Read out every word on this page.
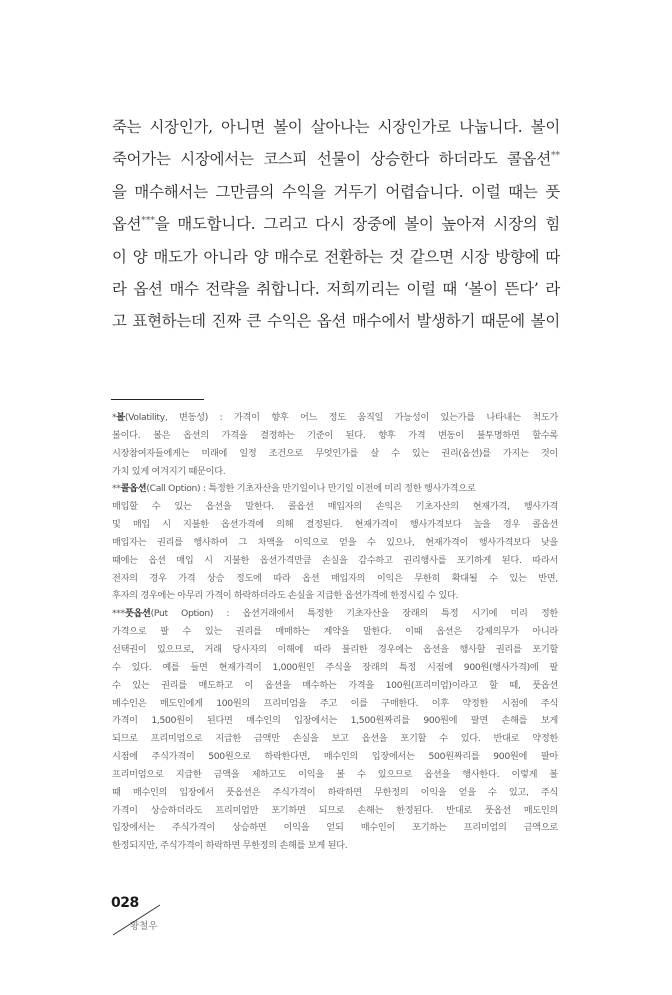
죽는 시장인가, 아니면 볼이 살아나는 시장인가로 나눕니다. 볼이
죽어가는 시장에서는 코스피 선물이 상승한다 하더라도 콜옵션**
을 매수해서는 그만큼의 수익을 거두기 어렵습니다. 이럴 때는 풋
옵션***을 매도합니다. 그리고 다시 장중에 볼이 높아져 시장의 힘
이 양 매도가 아니라 양 매수로 전환하는 것 같으면 시장 방향에 따
라 옵션 매수 전략을 취합니다. 저희끼리는 이럴 때 ‘볼이 뜬다’ 라
고 표현하는데 진짜 큰 수익은 옵션 매수에서 발생하기 때문에 볼이
*볼(Volatility, 변동성) : 가격이 향후 어느 정도 움직일 가능성이 있는가를 나타내는 척도가
볼이다. 볼은 옵션의 가격을 결정하는 기준이 된다. 향후 가격 변동이 불투명하면 할수록
시장참여자들에게는 미래에 일정 조건으로 무엇인가를 살 수 있는 권리(옵션)를 가지는 것이
가치 있게 여겨지기 때문이다.
**콜옵션(Call Option) : 특정한 기초자산을 만기일이나 만기일 이전에 미리 정한 행사가격으로
매입할 수 있는 옵션을 말한다. 콜옵션 매입자의 손익은 기초자산의 현재가격, 행사가격
및 매입 시 지불한 옵션가격에 의해 결정된다. 현재가격이 행사가격보다 높을 경우 콜옵션
매입자는 권리를 행사하여 그 차액을 이익으로 얻을 수 있으나, 현재가격이 행사가격보다 낮을
때에는 옵션 매입 시 지불한 옵션가격만큼 손실을 감수하고 권리행사를 포기하게 된다. 따라서
전자의 경우 가격 상승 정도에 따라 옵션 매입자의 이익은 무한히 확대될 수 있는 반면,
후자의 경우에는 아무리 가격이 하락하더라도 손실을 지급한 옵션가격에 한정시킬 수 있다.
***풋옵션(Put Option) : 옵션거래에서 특정한 기초자산을 장래의 특정 시기에 미리 정한
가격으로 팔 수 있는 권리를 매매하는 계약을 말한다. 이때 옵션은 강제의무가 아니라
선택권이 있으므로, 거래 당사자의 이해에 따라 불리한 경우에는 옵션을 행사할 권리를 포기할
수 있다. 예를 들면 현재가격이 1,000원인 주식을 장래의 특정 시점에 900원(행사가격)에 팔
수 있는 권리를 매도하고 이 옵션을 매수하는 가격을 100원(프리미엄)이라고 할 때, 풋옵션
매수인은 매도인에게 100원의 프리미엄을 주고 이를 구매한다. 이후 약정한 시점에 주식
가격이 1,500원이 된다면 매수인의 입장에서는 1,500원짜리를 900원에 팔면 손해를 보게
되므로 프리미엄으로 지급한 금액만 손실을 보고 옵션을 포기할 수 있다. 반대로 약정한
시점에 주식가격이 500원으로 하락한다면, 매수인의 입장에서는 500원짜리를 900원에 팔아
프리미엄으로 지급한 금액을 제하고도 이익을 볼 수 있으므로 옵션을 행사한다. 이렇게 볼
때 매수인의 입장에서 풋옵션은 주식가격이 하락하면 무한정의 이익을 얻을 수 있고, 주식
가격이 상승하더라도 프리미엄만 포기하면 되므로 손해는 한정된다. 반대로 풋옵션 매도인의
입장에서는 주식가격이 상승하면 이익을 얻되 매수인이 포기하는 프리미엄의 금액으로
한정되지만, 주식가격이 하락하면 무한정의 손해를 보게 된다.
028
황철우
